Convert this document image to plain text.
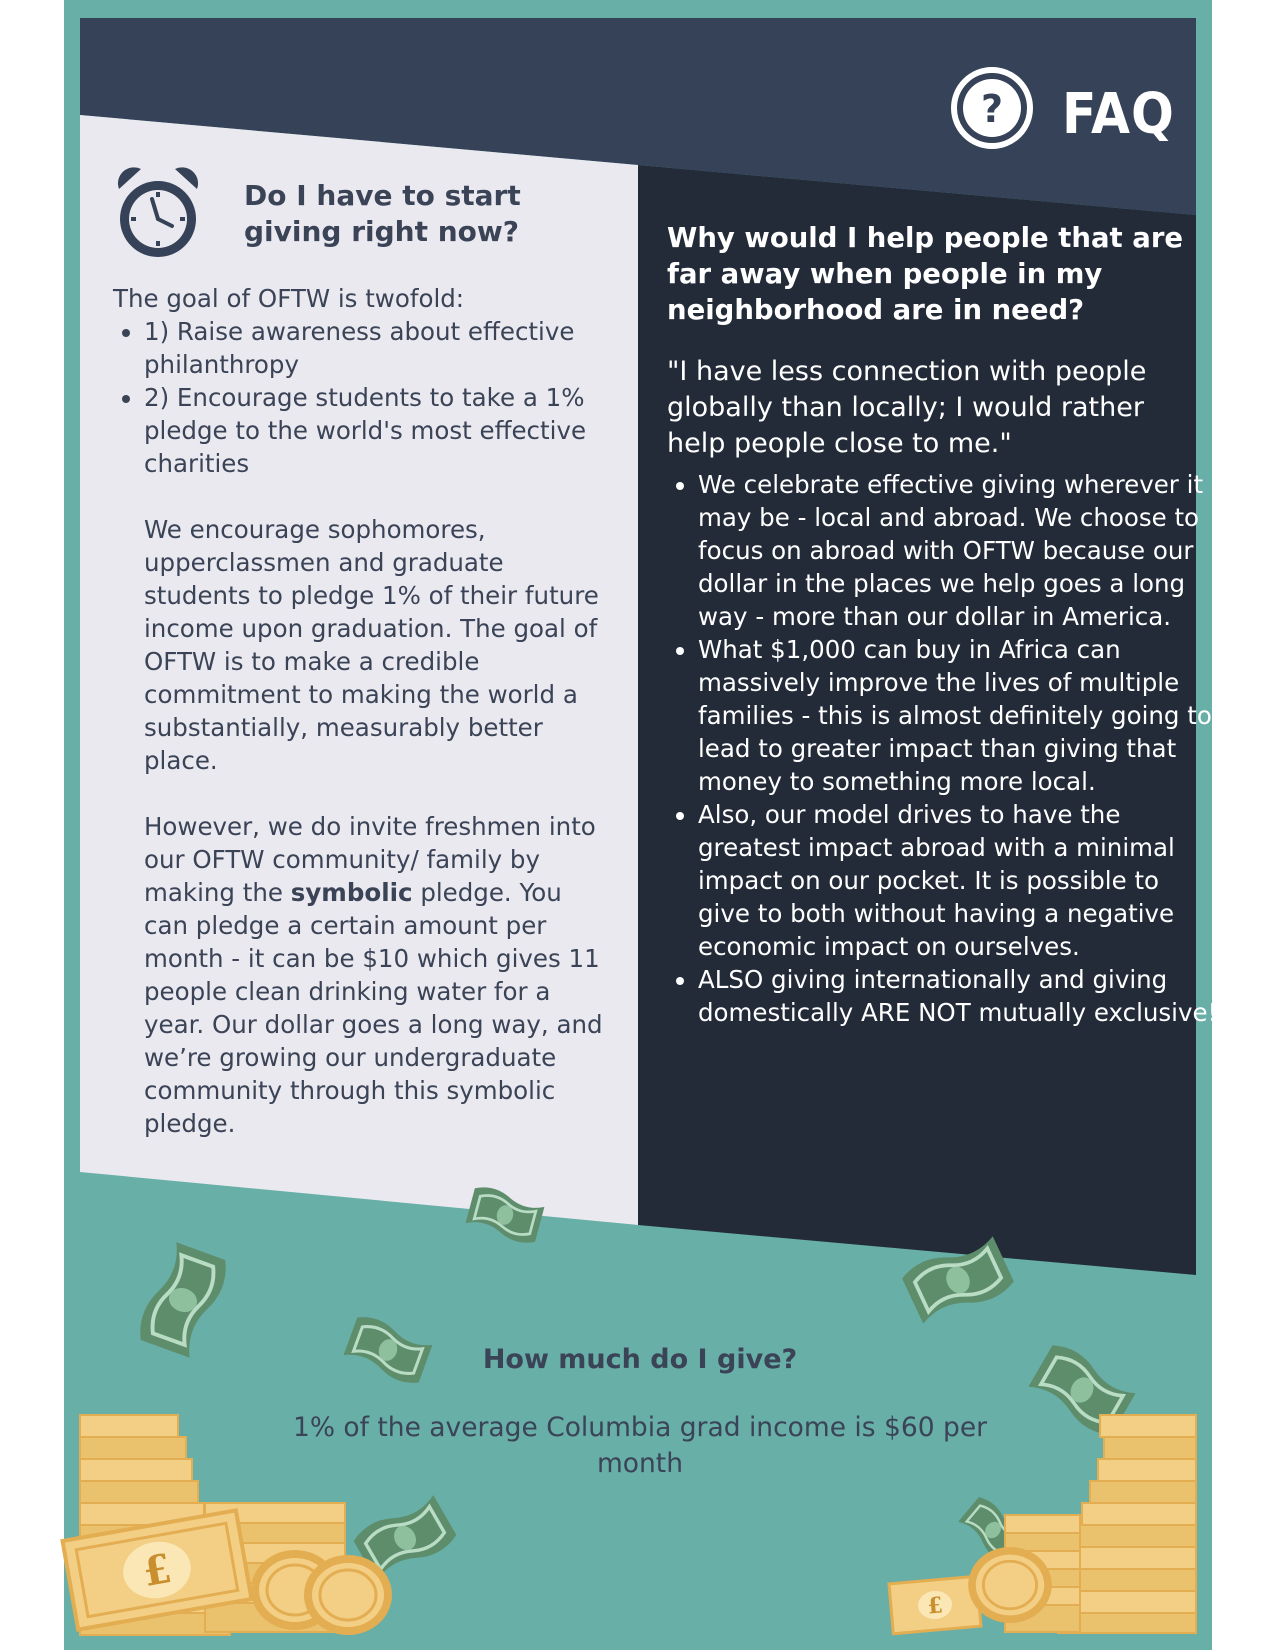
? FAQ
Do I have to start giving right now?

The goal of OFTW is twofold:

• 1) Raise awareness about effective philanthropy
• 2) Encourage students to take a 1% pledge to the world's most effective charities

We encourage sophomores, upperclassmen and graduate students to pledge 1% of their future income upon graduation. The goal of OFTW is to make a credible commitment to making the world a substantially, measurably better place.

However, we do invite freshmen into our OFTW community/ family by making the symbolic pledge. You can pledge a certain amount per month - it can be $10 which gives 11 people clean drinking water for a year. Our dollar goes a long way, and we’re growing our undergraduate community through this symbolic pledge.

Why would I help people that are far away when people in my neighborhood are in need?

"I have less connection with people globally than locally; I would rather help people close to me."

• We celebrate effective giving wherever it may be - local and abroad. We choose to focus on abroad with OFTW because our dollar in the places we help goes a long way - more than our dollar in America.
• What $1,000 can buy in Africa can massively improve the lives of multiple families - this is almost definitely going to lead to greater impact than giving that money to something more local.
• Also, our model drives to have the greatest impact abroad with a minimal impact on our pocket. It is possible to give to both without having a negative economic impact on ourselves.
• ALSO giving internationally and giving domestically ARE NOT mutually exclusive!
£
£
How much do I give?

1% of the average Columbia grad income is $60 per month
